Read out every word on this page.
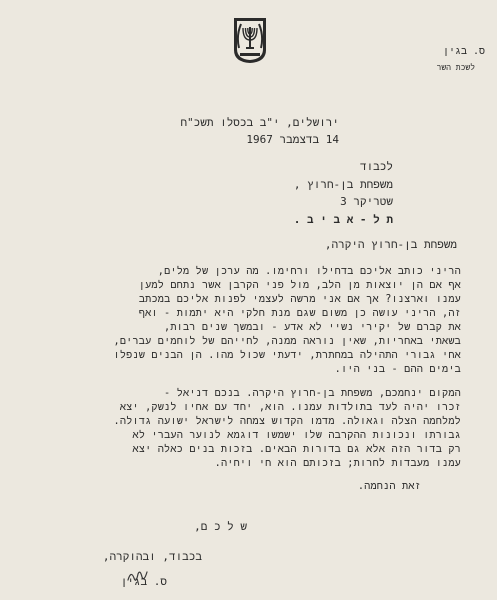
ס. בגין
לשכת השר
ירושלים, י"ב בכסלו תשכ"ח
14 בדצמבר 1967
לכבוד
משפחת בן-חרוץ ,
שטריקר 3
ת ל - א ב י ב .
משפחת בן-חרוץ היקרה,
הריני כותב אליכם בדחילו ורחימו. מה ערכן של מלים,
אף אם הן יוצאות מן הלב, מול פני הקרבן אשר נתחם למען
עמנו וארצנו? אך אם אני מרשה לעצמי לפנות אליכם במכתב
זה, הריני עושה כן משום שגם מנת חלקי היא יתמות - ואף
את קברם של יקירי נשיי לא אדע - ובמשך שנים רבות,
בשאתי באחריות, שאין נוראה ממנה, לחייהם של לוחמים עברים,
אחי גבורי התהילה במחתרת, ידעתי שכול מהו. הן הבנים שנפלו
בימים ההם - בני היו.
המקום ינחמכם, משפחת בן-חרוץ היקרה. בנכם דניאל -
זכרו יהיה לעד בתולדות עמנו. הוא, יחד עם אחיו לנשק, יצא
למלחמה הצלה וגאולה. מדמו הקדוש צמחה לישראל ישועה גדולה.
גבורתו ונכונות ההקרבה שלו ישמשו דוגמא לנוער העברי לא
רק בדור הזה אלא גם בדורות הבאים. בזכות בנים כאלה יצא
עמנו מעבדות לחרות; בזכותם הוא חי ויחיה.
זאת הנחמה.
ש ל כ ם,
בכבוד, ובהוקרה,
ס. בגין
